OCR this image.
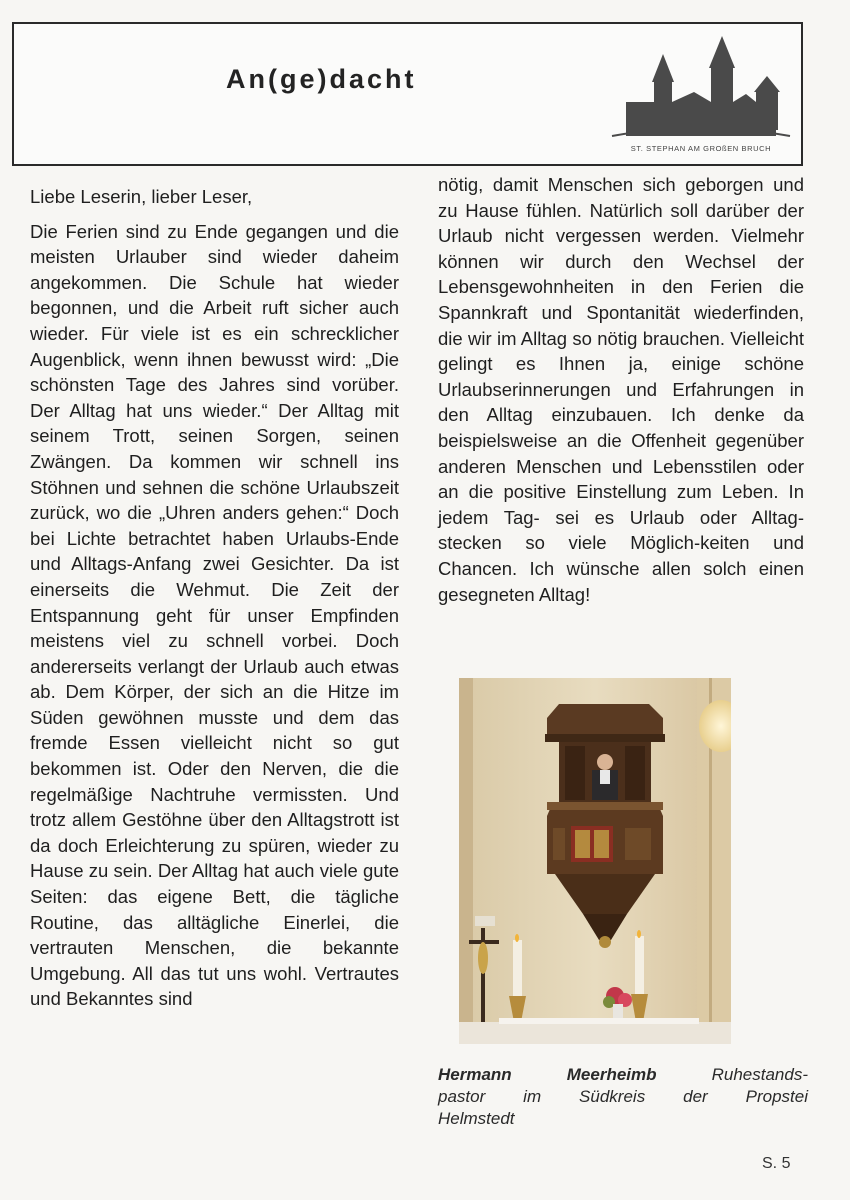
An(ge)dacht
ST. STEPHAN AM GROßEN BRUCH

Liebe Leserin, lieber Leser,

Die Ferien sind zu Ende gegangen und die meisten Urlauber sind wieder daheim angekommen. Die Schule hat wieder begonnen, und die Arbeit ruft sicher auch wieder. Für viele ist es ein schrecklicher Augenblick, wenn ihnen bewusst wird: „Die schönsten Tage des Jahres sind vorüber. Der Alltag hat uns wieder.“ Der Alltag mit seinem Trott, seinen Sorgen, seinen Zwängen. Da kommen wir schnell ins Stöhnen und sehnen die schöne Urlaubszeit zurück, wo die „Uhren anders gehen:“ Doch bei Lichte betrachtet haben Urlaubs-Ende und Alltags-Anfang zwei Gesichter. Da ist einerseits die Wehmut. Die Zeit der Entspannung geht für unser Empfinden meistens viel zu schnell vorbei. Doch andererseits verlangt der Urlaub auch etwas ab. Dem Körper, der sich an die Hitze im Süden gewöhnen musste und dem das fremde Essen vielleicht nicht so gut bekommen ist. Oder den Nerven, die die regelmäßige Nachtruhe vermissten. Und trotz allem Gestöhne über den Alltagstrott ist da doch Erleichterung zu spüren, wieder zu Hause zu sein. Der Alltag hat auch viele gute Seiten: das eigene Bett, die tägliche Routine, das alltägliche Einerlei, die vertrauten Menschen, die bekannte Umgebung. All das tut uns wohl. Vertrautes und Bekanntes sind

nötig, damit Menschen sich geborgen und zu Hause fühlen. Natürlich soll darüber der Urlaub nicht vergessen werden. Vielmehr können wir durch den Wechsel der Lebensgewohnheiten in den Ferien die Spannkraft und Spontanität wiederfinden, die wir im Alltag so nötig brauchen. Vielleicht gelingt es Ihnen ja, einige schöne Urlaubserinnerungen und Erfahrungen in den Alltag einzubauen. Ich denke da beispielsweise an die Offenheit gegenüber anderen Menschen und Lebensstilen oder an die positive Einstellung zum Leben. In jedem Tag- sei es Urlaub oder Alltag- stecken so viele Möglich-keiten und Chancen. Ich wünsche allen solch einen gesegneten Alltag!

Hermann	Meerheimb	Ruhestands-
pastor im Südkreis der Propstei
Helmstedt
S. 5
